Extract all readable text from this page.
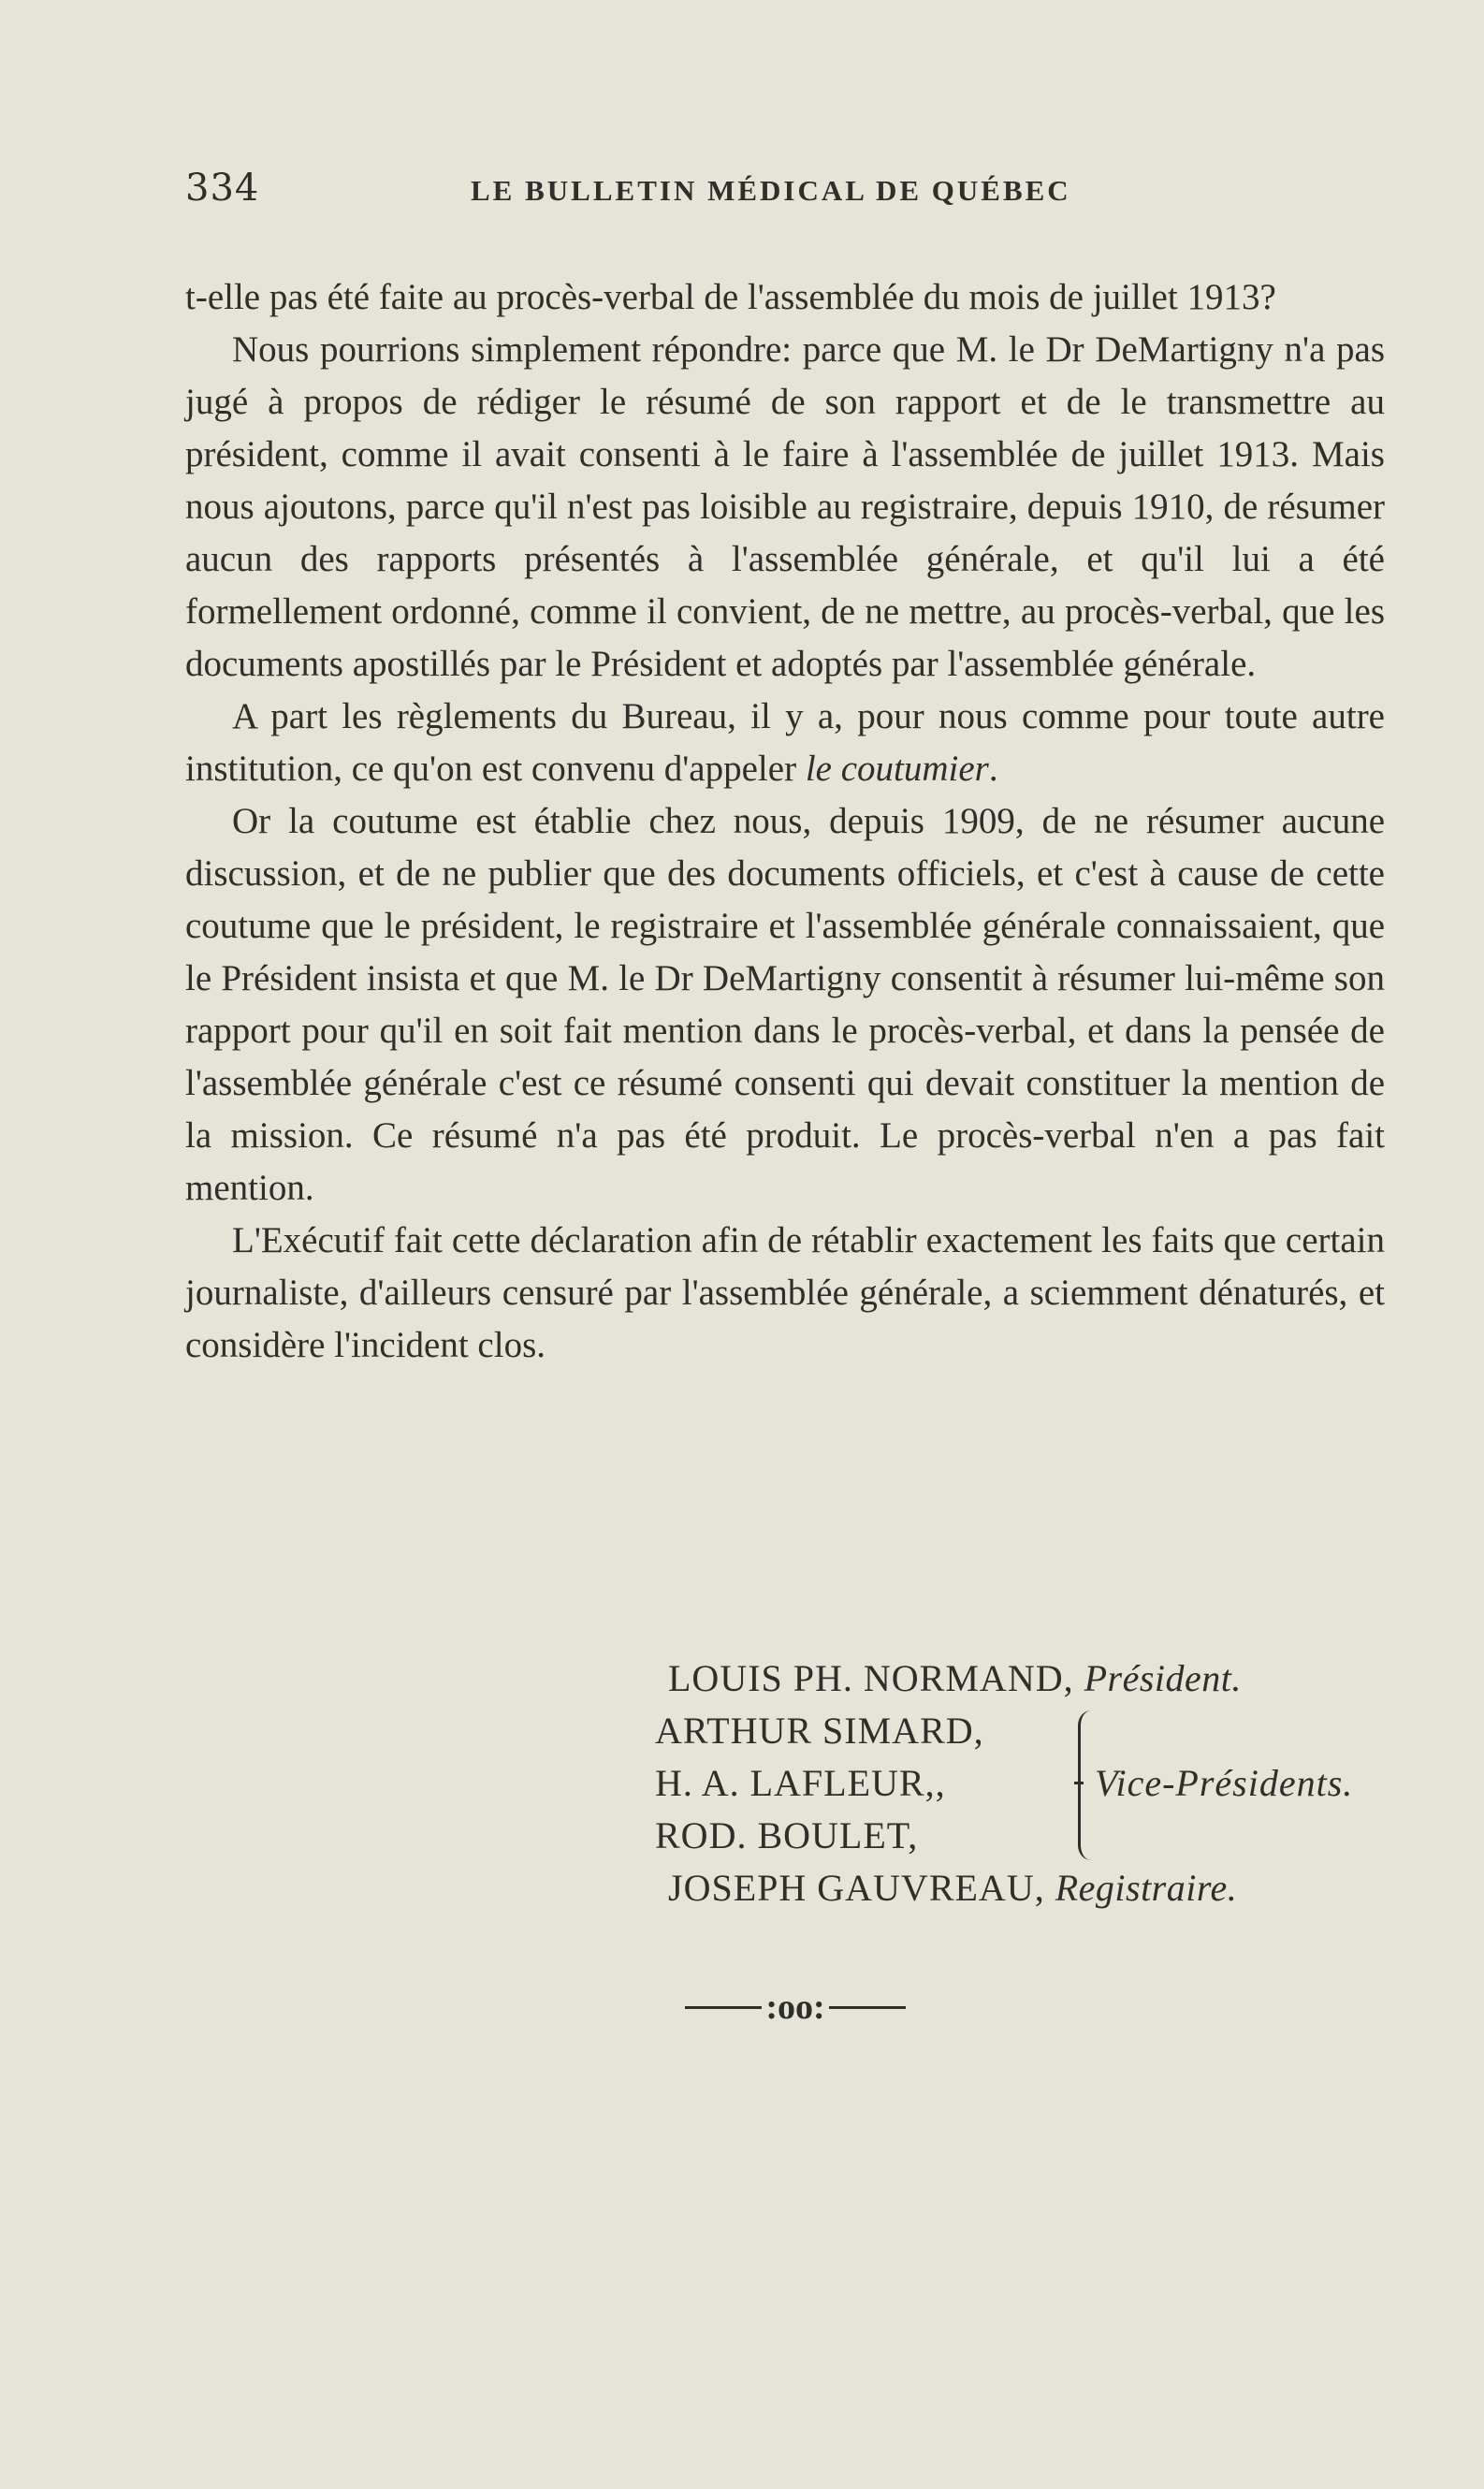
334	LE BULLETIN MÉDICAL DE QUÉBEC

t-elle pas été faite au procès-verbal de l'assemblée du mois de juillet 1913?

Nous pourrions simplement répondre: parce que M. le Dr DeMartigny n'a pas jugé à propos de rédiger le résumé de son rapport et de le transmettre au président, comme il avait consenti à le faire à l'assemblée de juillet 1913. Mais nous ajoutons, parce qu'il n'est pas loisible au registraire, depuis 1910, de résumer aucun des rapports présentés à l'assemblée générale, et qu'il lui a été formellement ordonné, comme il convient, de ne mettre, au procès-verbal, que les documents apostillés par le Président et adoptés par l'assemblée générale.

A part les règlements du Bureau, il y a, pour nous comme pour toute autre institution, ce qu'on est convenu d'appeler le coutumier.

Or la coutume est établie chez nous, depuis 1909, de ne résumer aucune discussion, et de ne publier que des documents officiels, et c'est à cause de cette coutume que le président, le registraire et l'assemblée générale connaissaient, que le Président insista et que M. le Dr DeMartigny consentit à résumer lui-même son rapport pour qu'il en soit fait mention dans le procès-verbal, et dans la pensée de l'assemblée générale c'est ce résumé consenti qui devait constituer la mention de la mission. Ce résumé n'a pas été produit. Le procès-verbal n'en a pas fait mention.

L'Exécutif fait cette déclaration afin de rétablir exactement les faits que certain journaliste, d'ailleurs censuré par l'assemblée générale, a sciemment dénaturés, et considère l'incident clos.

LOUIS PH. NORMAND, Président.
ARTHUR SIMARD,
H. A. LAFLEUR,,
ROD. BOULET,
Vice-Présidents.
JOSEPH GAUVREAU, Registraire.
:oo:
